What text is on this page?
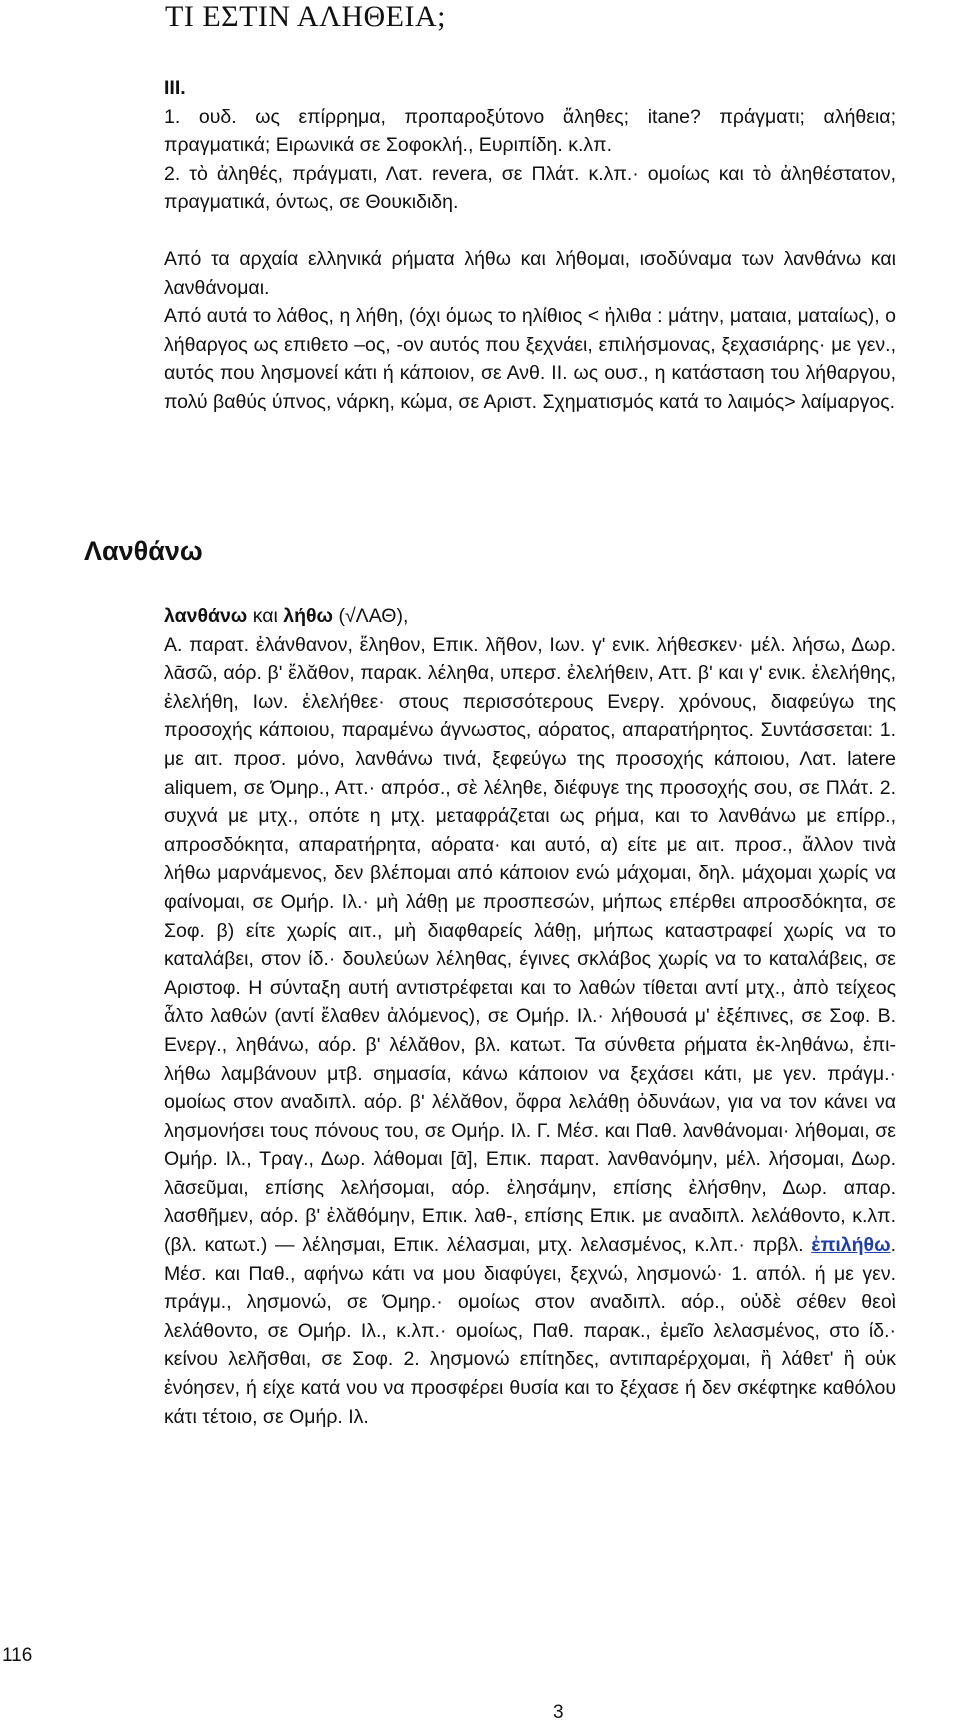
ΤΙ ΕΣΤΙΝ ΑΛΗΘΕΙΑ;

III.

1. ουδ. ως επίρρημα, προπαροξύτονο ἄληθες; itane? πράγματι; αλήθεια; πραγματικά; Ειρωνικά σε Σοφοκλή., Ευριπίδη. κ.λπ.

2. τὸ ἀληθές, πράγματι, Λατ. revera, σε Πλάτ. κ.λπ.· ομοίως και τὸ ἀληθέστατον, πραγματικά, όντως, σε Θουκιδιδη.

Από τα αρχαία ελληνικά ρήματα λήθω και λήθομαι, ισοδύναμα των λανθάνω και λανθάνομαι.

Από αυτά το λάθος, η λήθη, (όχι όμως το ηλίθιος < ἠλιθα : μάτην, ματαια, ματαίως), ο λήθαργος ως επιθετο –ος, -ον αυτός που ξεχνάει, επιλήσμονας, ξεχασιάρης· με γεν., αυτός που λησμονεί κάτι ή κάποιον, σε Ανθ. II. ως ουσ., η κατάσταση του λήθαργου, πολύ βαθύς ύπνος, νάρκη, κώμα, σε Αριστ. Σχηματισμός κατά το λαιμός> λαίμαργος.

Λανθάνω

λανθάνω και λήθω (√ΛΑΘ),

Α. παρατ. ἐλάνθανον, ἔληθον, Επικ. λῆθον, Ιων. γʹ ενικ. λήθεσκεν· μέλ. λήσω, Δωρ. λᾱσῶ, αόρ. βʹ ἔλᾰθον, παρακ. λέληθα, υπερσ. ἐλελήθειν, Αττ. βʹ και γʹ ενικ. ἐλελήθης, ἐλελήθη, Ιων. ἐλελήθεε· στους περισσότερους Ενεργ. χρόνους, διαφεύγω της προσοχής κάποιου, παραμένω άγνωστος, αόρατος, απαρατήρητος. Συντάσσεται: 1. με αιτ. προσ. μόνο, λανθάνω τινά, ξεφεύγω της προσοχής κάποιου, Λατ. latere aliquem, σε Όμηρ., Αττ.· απρόσ., σὲ λέληθε, διέφυγε της προσοχής σου, σε Πλάτ. 2. συχνά με μτχ., οπότε η μτχ. μεταφράζεται ως ρήμα, και το λανθάνω με επίρρ., απροσδόκητα, απαρατήρητα, αόρατα· και αυτό, α) είτε με αιτ. προσ., ἄλλον τινὰ λήθω μαρνάμενος, δεν βλέπομαι από κάποιον ενώ μάχομαι, δηλ. μάχομαι χωρίς να φαίνομαι, σε Ομήρ. Ιλ.· μὴ λάθῃ με προσπεσών, μήπως επέρθει απροσδόκητα, σε Σοφ. β) είτε χωρίς αιτ., μὴ διαφθαρείς λάθῃ, μήπως καταστραφεί χωρίς να το καταλάβει, στον ίδ.· δουλεύων λέληθας, έγινες σκλάβος χωρίς να το καταλάβεις, σε Αριστοφ. Η σύνταξη αυτή αντιστρέφεται και το λαθών τίθεται αντί μτχ., ἀπὸ τείχεος ἆλτο λαθών (αντί ἔλαθεν ἁλόμενος), σε Ομήρ. Ιλ.· λήθουσά μ' ἐξέπινες, σε Σοφ. Β. Ενεργ., ληθάνω, αόρ. βʹ λέλᾰθον, βλ. κατωτ. Τα σύνθετα ρήματα ἐκ-ληθάνω, ἐπι-λήθω λαμβάνουν μτβ. σημασία, κάνω κάποιον να ξεχάσει κάτι, με γεν. πράγμ.· ομοίως στον αναδιπλ. αόρ. βʹ λέλᾰθον, ὄφρα λελάθῃ ὀδυνάων, για να τον κάνει να λησμονήσει τους πόνους του, σε Ομήρ. Ιλ. Γ. Μέσ. και Παθ. λανθάνομαι· λήθομαι, σε Ομήρ. Ιλ., Τραγ., Δωρ. λάθομαι [ᾱ], Επικ. παρατ. λανθανόμην, μέλ. λήσομαι, Δωρ. λᾱσεῦμαι, επίσης λελήσομαι, αόρ. ἐλησάμην, επίσης ἐλήσθην, Δωρ. απαρ. λασθῆμεν, αόρ. βʹ ἐλᾰθόμην, Επικ. λαθ-, επίσης Επικ. με αναδιπλ. λελάθοντο, κ.λπ. (βλ. κατωτ.) — λέλησμαι, Επικ. λέλασμαι, μτχ. λελασμένος, κ.λπ.· πρβλ. ἐπιλήθω. Μέσ. και Παθ., αφήνω κάτι να μου διαφύγει, ξεχνώ, λησμονώ· 1. απόλ. ή με γεν. πράγμ., λησμονώ, σε Όμηρ.· ομοίως στον αναδιπλ. αόρ., οὐδὲ σέθεν θεοὶ λελάθοντο, σε Ομήρ. Ιλ., κ.λπ.· ομοίως, Παθ. παρακ., ἐμεῖο λελασμένος, στο ίδ.· κείνου λελῆσθαι, σε Σοφ. 2. λησμονώ επίτηδες, αντιπαρέρχομαι, ἢ λάθετ' ἢ οὐκ ἐνόησεν, ή είχε κατά νου να προσφέρει θυσία και το ξέχασε ή δεν σκέφτηκε καθόλου κάτι τέτοιο, σε Ομήρ. Ιλ.

116
3
